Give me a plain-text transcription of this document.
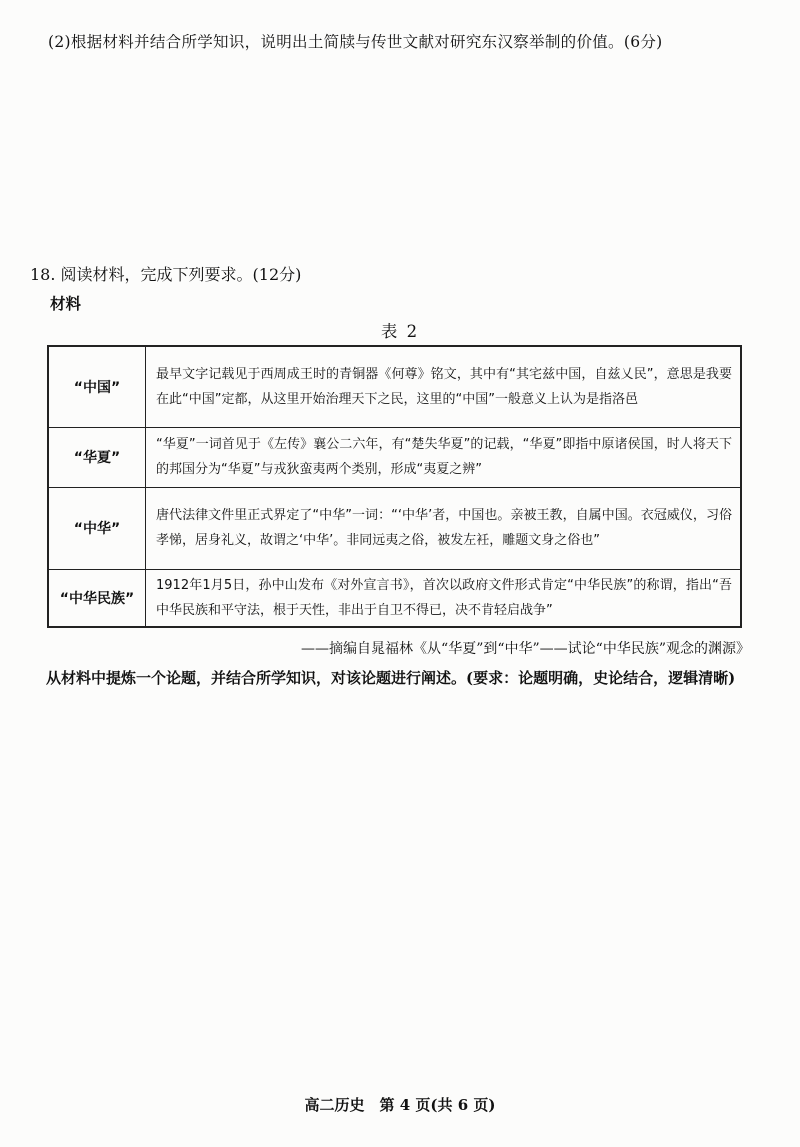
(2)根据材料并结合所学知识，说明出土简牍与传世文献对研究东汉察举制的价值。(6分)
18. 阅读材料，完成下列要求。(12分)
材料
表 2
“中国”	最早文字记载见于西周成王时的青铜器《何尊》铭文，其中有“其宅兹中国，自兹乂民”，意思是我要在此“中国”定都，从这里开始治理天下之民，这里的“中国”一般意义上认为是指洛邑
“华夏”	“华夏”一词首见于《左传》襄公二六年，有“楚失华夏”的记载，“华夏”即指中原诸侯国，时人将天下的邦国分为“华夏”与戎狄蛮夷两个类别，形成“夷夏之辨”
“中华”	唐代法律文件里正式界定了“中华”一词：“‘中华’者，中国也。亲被王教，自属中国。衣冠威仪，习俗孝悌，居身礼义，故谓之‘中华’。非同远夷之俗，被发左衽，雕题文身之俗也”
“中华民族”	1912年1月5日，孙中山发布《对外宣言书》，首次以政府文件形式肯定“中华民族”的称谓，指出“吾中华民族和平守法，根于天性，非出于自卫不得已，决不肯轻启战争”
——摘编自晁福林《从“华夏”到“中华”——试论“中华民族”观念的渊源》
从材料中提炼一个论题，并结合所学知识，对该论题进行阐述。(要求：论题明确，史论结合，逻辑清晰)
高二历史　第 4 页(共 6 页)
